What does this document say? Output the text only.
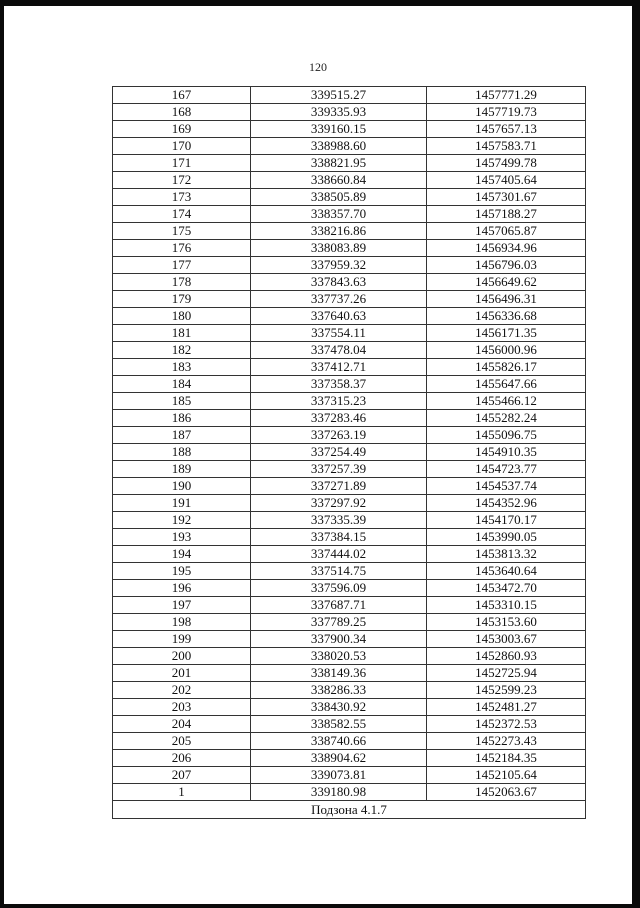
120
167	339515.27	1457771.29
168	339335.93	1457719.73
169	339160.15	1457657.13
170	338988.60	1457583.71
171	338821.95	1457499.78
172	338660.84	1457405.64
173	338505.89	1457301.67
174	338357.70	1457188.27
175	338216.86	1457065.87
176	338083.89	1456934.96
177	337959.32	1456796.03
178	337843.63	1456649.62
179	337737.26	1456496.31
180	337640.63	1456336.68
181	337554.11	1456171.35
182	337478.04	1456000.96
183	337412.71	1455826.17
184	337358.37	1455647.66
185	337315.23	1455466.12
186	337283.46	1455282.24
187	337263.19	1455096.75
188	337254.49	1454910.35
189	337257.39	1454723.77
190	337271.89	1454537.74
191	337297.92	1454352.96
192	337335.39	1454170.17
193	337384.15	1453990.05
194	337444.02	1453813.32
195	337514.75	1453640.64
196	337596.09	1453472.70
197	337687.71	1453310.15
198	337789.25	1453153.60
199	337900.34	1453003.67
200	338020.53	1452860.93
201	338149.36	1452725.94
202	338286.33	1452599.23
203	338430.92	1452481.27
204	338582.55	1452372.53
205	338740.66	1452273.43
206	338904.62	1452184.35
207	339073.81	1452105.64
1	339180.98	1452063.67
Подзона 4.1.7		
